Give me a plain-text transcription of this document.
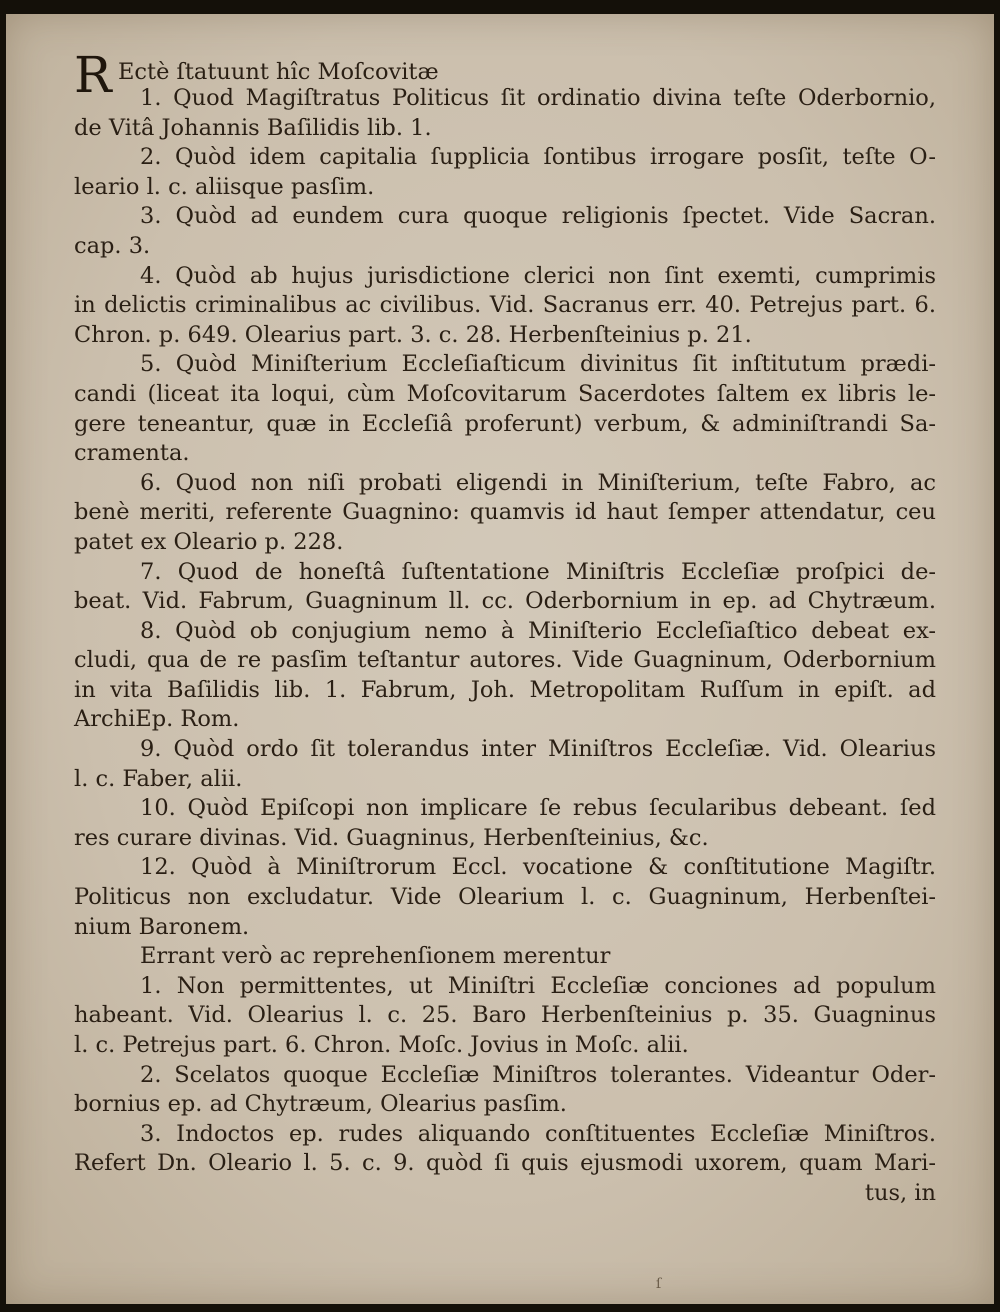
R Ectè ſtatuunt hîc Moſcovitæ
1. Quod Magiſtratus Politicus ſit ordinatio divina teſte Oderbornio,
de Vitâ Johannis Baſilidis lib. 1.
2. Quòd idem capitalia ſupplicia ſontibus irrogare posſit, teſte O-
leario l. c. aliisque pasſim.
3. Quòd ad eundem cura quoque religionis ſpectet. Vide Sacran.
cap. 3.
4. Quòd ab hujus jurisdictione clerici non ſint exemti, cumprimis
in delictis criminalibus ac civilibus. Vid. Sacranus err. 40. Petrejus part. 6.
Chron. p. 649. Olearius part. 3. c. 28. Herbenſteinius p. 21.
5. Quòd Miniſterium Eccleſiaſticum divinitus ſit inſtitutum prædi-
candi (liceat ita loqui, cùm Moſcovitarum Sacerdotes ſaltem ex libris le-
gere teneantur, quæ in Eccleſiâ proferunt) verbum, & adminiſtrandi Sa-
cramenta.
6. Quod non niſi probati eligendi in Miniſterium, teſte Fabro, ac
benè meriti, referente Guagnino: quamvis id haut ſemper attendatur, ceu
patet ex Oleario p. 228.
7. Quod de honeſtâ ſuſtentatione Miniſtris Eccleſiæ proſpici de-
beat. Vid. Fabrum, Guagninum ll. cc. Oderbornium in ep. ad Chytræum.
8. Quòd ob conjugium nemo à Miniſterio Eccleſiaſtico debeat ex-
cludi, qua de re pasſim teſtantur autores. Vide Guagninum, Oderbornium
in vita Baſilidis lib. 1. Fabrum, Joh. Metropolitam Ruſſum in epiſt. ad
ArchiEp. Rom.
9. Quòd ordo ſit tolerandus inter Miniſtros Eccleſiæ. Vid. Olearius
l. c. Faber, alii.
10. Quòd Epiſcopi non implicare ſe rebus ſecularibus debeant. ſed
res curare divinas. Vid. Guagninus, Herbenſteinius, &c.
12. Quòd à Miniſtrorum Eccl. vocatione & conſtitutione Magiſtr.
Politicus non excludatur. Vide Olearium l. c. Guagninum, Herbenſtei-
nium Baronem.
Errant verò ac reprehenſionem merentur
1. Non permittentes, ut Miniſtri Eccleſiæ conciones ad populum
habeant. Vid. Olearius l. c. 25. Baro Herbenſteinius p. 35. Guagninus
l. c. Petrejus part. 6. Chron. Moſc. Jovius in Moſc. alii.
2. Scelatos quoque Eccleſiæ Miniſtros tolerantes. Videantur Oder-
bornius ep. ad Chytræum, Olearius pasſim.
3. Indoctos ep. rudes aliquando conſtituentes Eccleſiæ Miniſtros.
Refert Dn. Oleario l. 5. c. 9. quòd ſi quis ejusmodi uxorem, quam Mari-
tus, in
ſ
